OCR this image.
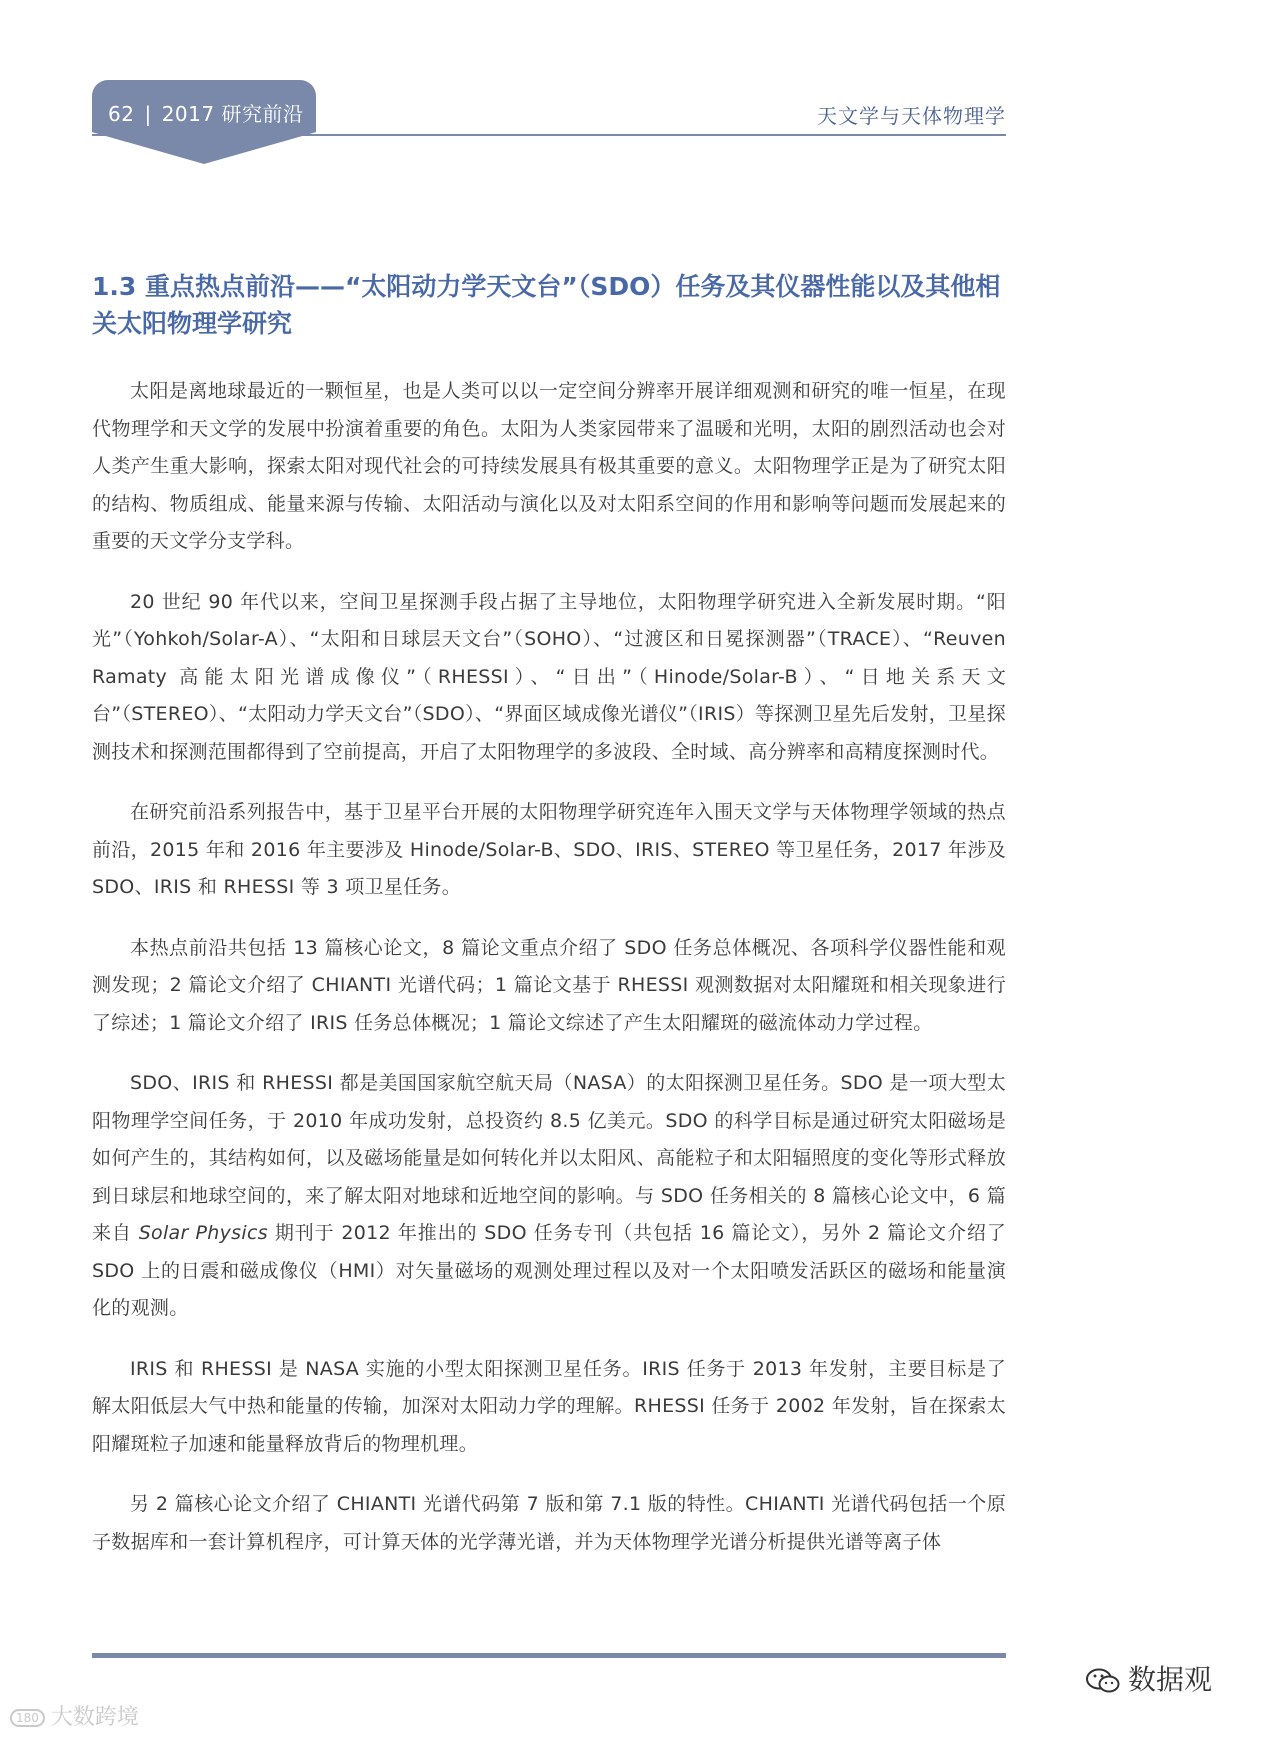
62 | 2017 研究前沿	天文学与天体物理学
1.3 重点热点前沿——“太阳动力学天文台”（SDO）任务及其仪器性能以及其他相关太阳物理学研究

太阳是离地球最近的一颗恒星，也是人类可以以一定空间分辨率开展详细观测和研究的唯一恒星，在现代物理学和天文学的发展中扮演着重要的角色。太阳为人类家园带来了温暖和光明，太阳的剧烈活动也会对人类产生重大影响，探索太阳对现代社会的可持续发展具有极其重要的意义。太阳物理学正是为了研究太阳的结构、物质组成、能量来源与传输、太阳活动与演化以及对太阳系空间的作用和影响等问题而发展起来的重要的天文学分支学科。

20 世纪 90 年代以来，空间卫星探测手段占据了主导地位，太阳物理学研究进入全新发展时期。“阳光”（Yohkoh/Solar-A）、“太阳和日球层天文台”（SOHO）、“过渡区和日冕探测器”（TRACE）、“Reuven Ramaty 高能太阳光谱成像仪”（RHESSI）、“日出”（Hinode/Solar-B）、“日地关系天文台”（STEREO）、“太阳动力学天文台”（SDO）、“界面区域成像光谱仪”（IRIS）等探测卫星先后发射，卫星探测技术和探测范围都得到了空前提高，开启了太阳物理学的多波段、全时域、高分辨率和高精度探测时代。

在研究前沿系列报告中，基于卫星平台开展的太阳物理学研究连年入围天文学与天体物理学领域的热点前沿，2015 年和 2016 年主要涉及 Hinode/Solar-B、SDO、IRIS、STEREO 等卫星任务，2017 年涉及 SDO、IRIS 和 RHESSI 等 3 项卫星任务。

本热点前沿共包括 13 篇核心论文，8 篇论文重点介绍了 SDO 任务总体概况、各项科学仪器性能和观测发现；2 篇论文介绍了 CHIANTI 光谱代码；1 篇论文基于 RHESSI 观测数据对太阳耀斑和相关现象进行了综述；1 篇论文介绍了 IRIS 任务总体概况；1 篇论文综述了产生太阳耀斑的磁流体动力学过程。

SDO、IRIS 和 RHESSI 都是美国国家航空航天局（NASA）的太阳探测卫星任务。SDO 是一项大型太阳物理学空间任务，于 2010 年成功发射，总投资约 8.5 亿美元。SDO 的科学目标是通过研究太阳磁场是如何产生的，其结构如何，以及磁场能量是如何转化并以太阳风、高能粒子和太阳辐照度的变化等形式释放到日球层和地球空间的，来了解太阳对地球和近地空间的影响。与 SDO 任务相关的 8 篇核心论文中，6 篇来自 Solar Physics 期刊于 2012 年推出的 SDO 任务专刊（共包括 16 篇论文），另外 2 篇论文介绍了 SDO 上的日震和磁成像仪（HMI）对矢量磁场的观测处理过程以及对一个太阳喷发活跃区的磁场和能量演化的观测。

IRIS 和 RHESSI 是 NASA 实施的小型太阳探测卫星任务。IRIS 任务于 2013 年发射，主要目标是了解太阳低层大气中热和能量的传输，加深对太阳动力学的理解。RHESSI 任务于 2002 年发射，旨在探索太阳耀斑粒子加速和能量释放背后的物理机理。

另 2 篇核心论文介绍了 CHIANTI 光谱代码第 7 版和第 7.1 版的特性。CHIANTI 光谱代码包括一个原子数据库和一套计算机程序，可计算天体的光学薄光谱，并为天体物理学光谱分析提供光谱等离子体

180 大数跨境
数据观
